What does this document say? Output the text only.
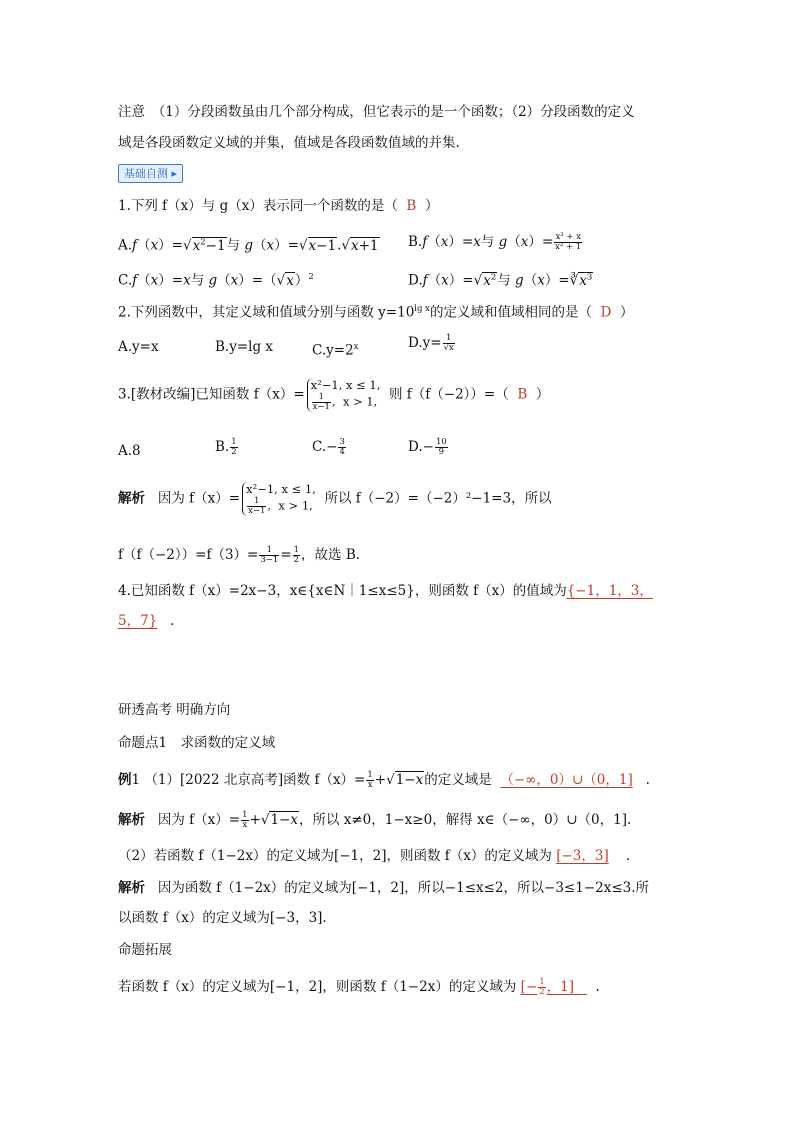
注意　（1）分段函数虽由几个部分构成，但它表示的是一个函数；（2）分段函数的定义
域是各段函数定义域的并集，值域是各段函数值域的并集.
基础自测 ▸
1.下列 f（x）与 g（x）表示同一个函数的是（ B ）
$A.f(x)=√x^2-1$与 g（x）=√x−1.√x+1 B.f（x）=x与 $g(x)= \frac{\text{x³ + x}}{\text{x² + 1}}$
C.f（x）=x与 $g(x)=(√x)^2$	$D.f(x)=√x^2$与 $g(x)=∛x^3$
2.下列函数中，其定义域和值域分别与函数 $y=10^{lg x}$的定义域和值域相同的是（ D ）
A.y=x	B.y=lg x	$C.y=2^x$	$D.y= \frac{1}{√x}$
3.[教材改编]已知函数 f（x）=x²−1, x ≤ 1,

$\frac{1}{x-1}$ ,  x > 1, 则 f（f（−2））=（ B ）
A.8	B. $\frac{1}{2}$	$C.- \frac{3}{4}$	$D.- \frac{10}{9}$
解析 因为 f（x）=x²−1, x ≤ 1,

$\frac{1}{x-1}$ ,  x > 1, 所以 f（−2）=（−2）²−1=3，所以
$f(f(-2))=f(3)= \frac{1}{3-1} = \frac{1}{2}$ ，故选 B.
4.已知函数 f（x）=2x−3，x∈{x∈N｜1≤x≤5}，则函数 f（x）的值域为{−1，1，3，
5，7} .
研透高考 明确方向
命题点1　求函数的定义域
例1 （1）[2022 北京高考]函数 $f(x)= \frac{1}{x} +√1-x$的定义域是 （−∞，0）∪（0，1] .
解析 因为 $f(x)= \frac{1}{x} +√1-x$，所以 x≠0，1−x≥0，解得 x∈（−∞，0）∪（0，1].
（2）若函数 f（1−2x）的定义域为[−1，2]，则函数 f（x）的定义域为 [−3，3] .
解析 因为函数 f（1−2x）的定义域为[−1，2]，所以−1≤x≤2，所以−3≤1−2x≤3.所
以函数 f（x）的定义域为[−3，3].
命题拓展
若函数 f（x）的定义域为[−1，2]，则函数 f（1−2x）的定义域为 [− $\frac{1}{2}$ ，1] .
